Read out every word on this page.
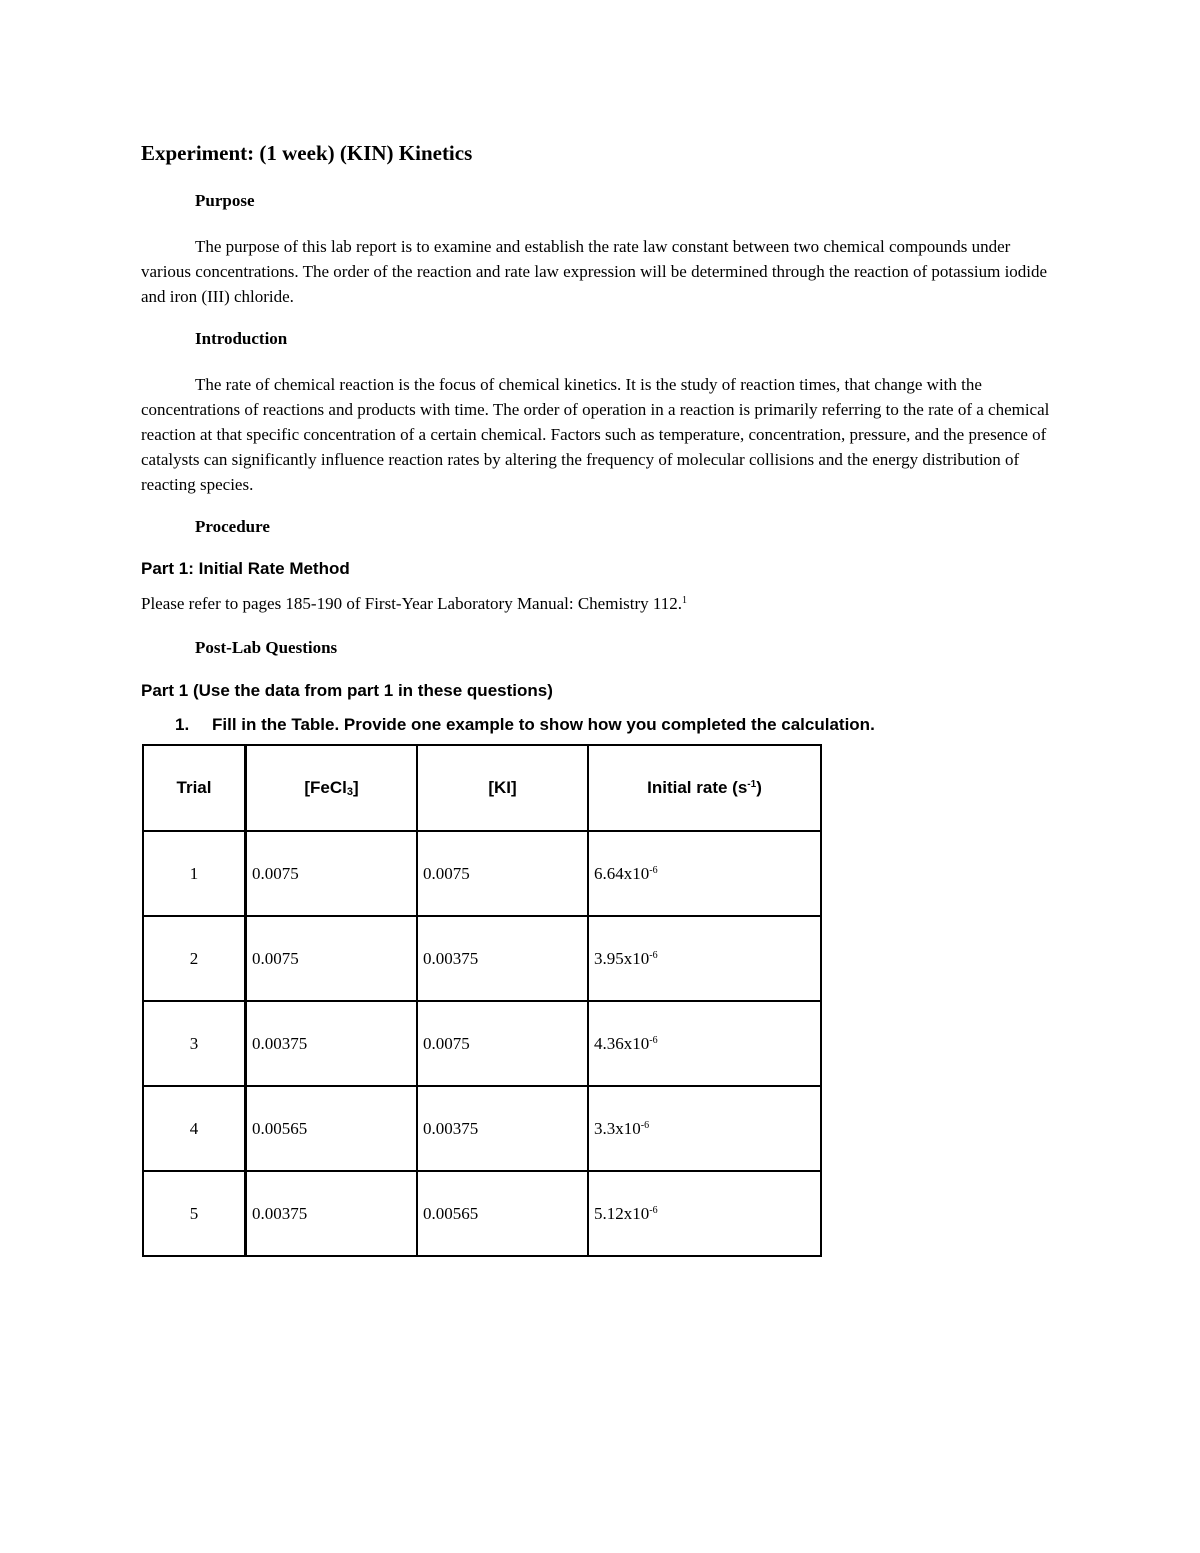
Experiment: (1 week) (KIN) Kinetics
Purpose

The purpose of this lab report is to examine and establish the rate law constant between two chemical compounds under various concentrations. The order of the reaction and rate law expression will be determined through the reaction of potassium iodide and iron (III) chloride.

Introduction

The rate of chemical reaction is the focus of chemical kinetics. It is the study of reaction times, that change with the concentrations of reactions and products with time. The order of operation in a reaction is primarily referring to the rate of a chemical reaction at that specific concentration of a certain chemical. Factors such as temperature, concentration, pressure, and the presence of catalysts can significantly influence reaction rates by altering the frequency of molecular collisions and the energy distribution of reacting species.

Procedure
Part 1: Initial Rate Method

Please refer to pages 185-190 of First-Year Laboratory Manual: Chemistry 112.$^1$

Post-Lab Questions
Part 1 (Use the data from part 1 in these questions)

1. Fill in the Table. Provide one example to show how you completed the calculation.

Trial	[FeCl$_3$]	[KI]	Initial rate $(s^{-1})$
1	0.0075	0.0075	$6.64x10^{-6}$
2	0.0075	0.00375	$3.95x10^{-6}$
3	0.00375	0.0075	$4.36x10^{-6}$
4	0.00565	0.00375	$3.3x10^{-6}$
5	0.00375	0.00565	$5.12x10^{-6}$
